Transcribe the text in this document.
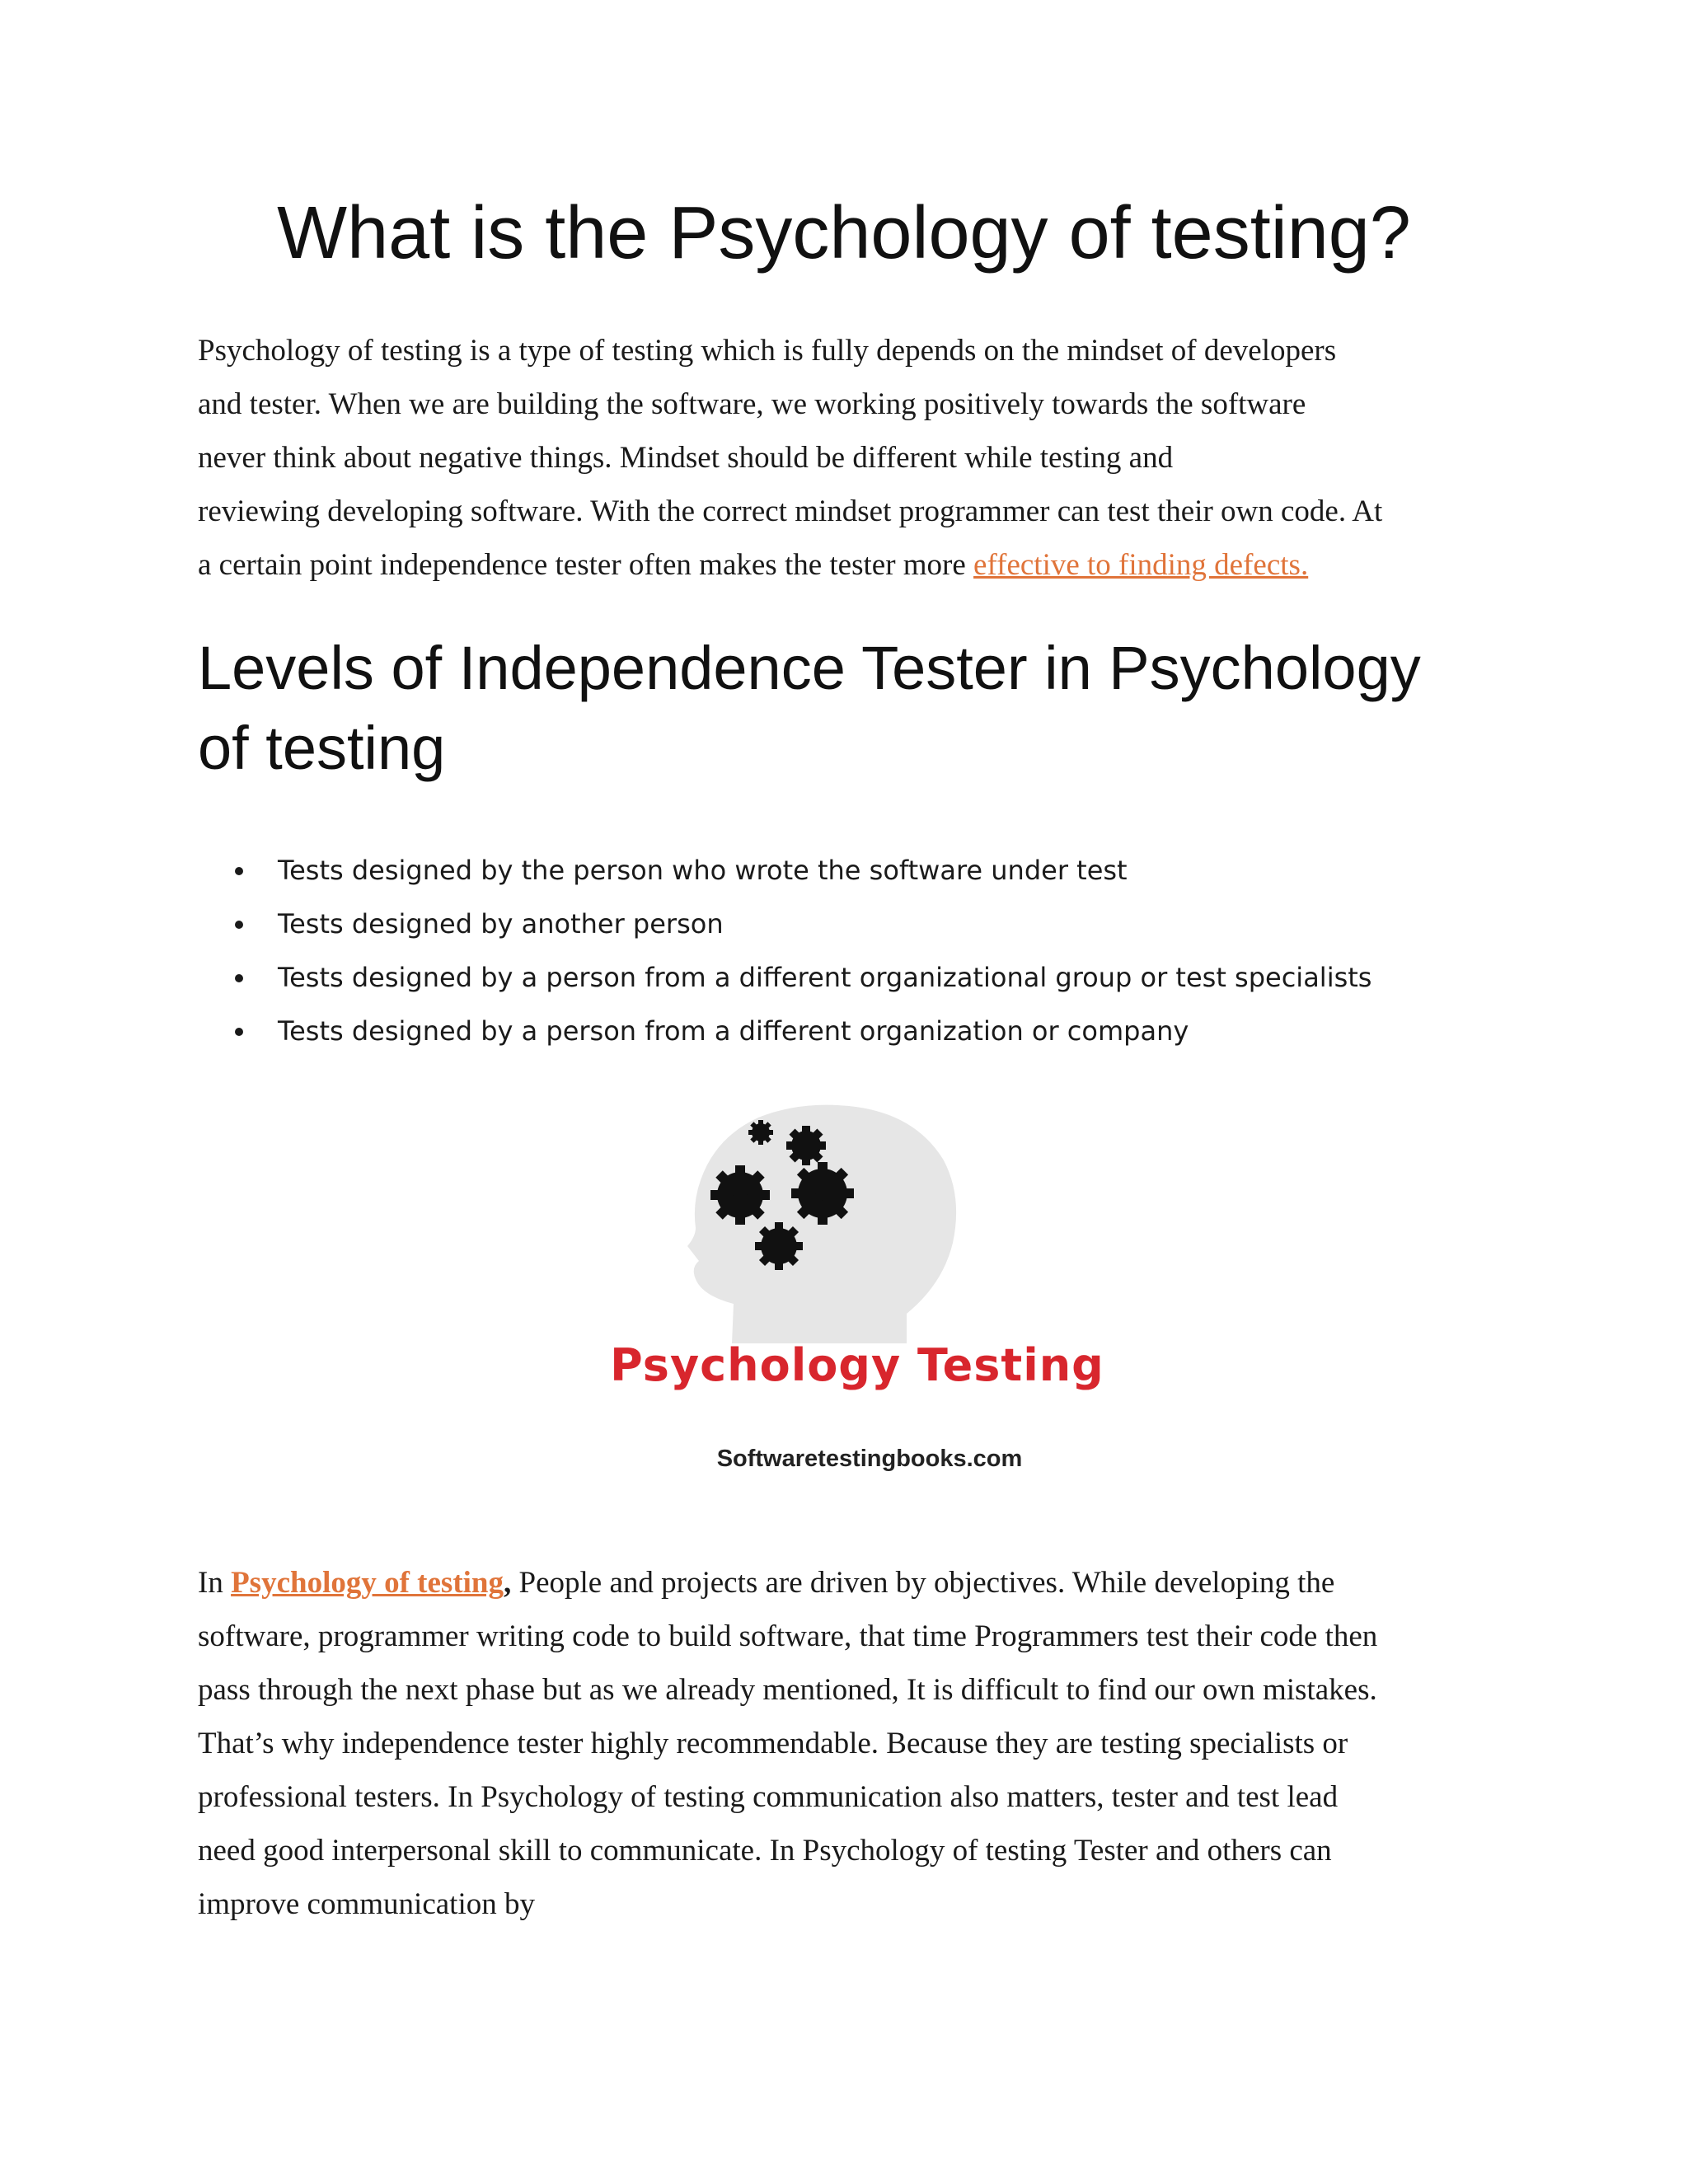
What is the Psychology of testing?

Psychology of testing is a type of testing which is fully depends on the mindset of developers
and tester. When we are building the software, we working positively towards the software
never think about negative things. Mindset should be different while testing and
reviewing developing software. With the correct mindset programmer can test their own code. At
a certain point independence tester often makes the tester more effective to finding defects.

Levels of Independence Tester in Psychology
of testing
Tests designed by the person who wrote the software under test
Tests designed by another person
Tests designed by a person from a different organizational group or test specialists
Tests designed by a person from a different organization or company
Psychology Testing
Softwaretestingbooks.com

In Psychology of testing, People and projects are driven by objectives. While developing the
software, programmer writing code to build software, that time Programmers test their code then
pass through the next phase but as we already mentioned, It is difficult to find our own mistakes.
That’s why independence tester highly recommendable. Because they are testing specialists or
professional testers. In Psychology of testing communication also matters, tester and test lead
need good interpersonal skill to communicate. In Psychology of testing Tester and others can
improve communication by
